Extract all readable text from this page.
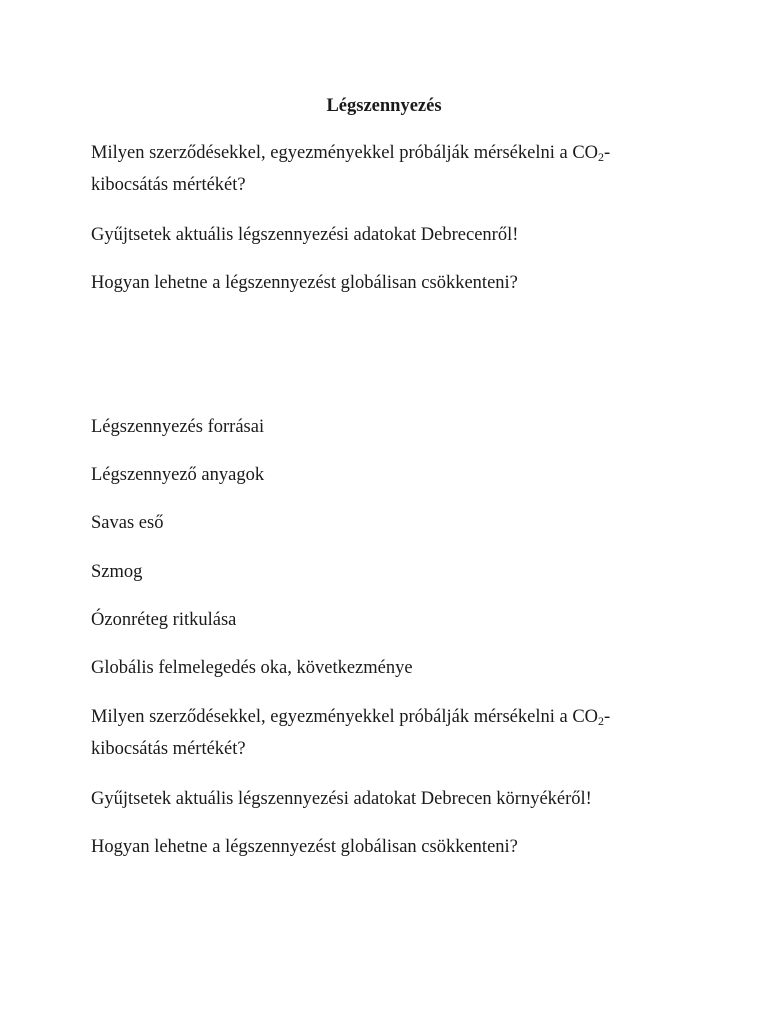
Légszennyezés

Milyen szerződésekkel, egyezményekkel próbálják mérsékelni a $CO_2-$
kibocsátás mértékét?

Gyűjtsetek aktuális légszennyezési adatokat Debrecenről!

Hogyan lehetne a légszennyezést globálisan csökkenteni?

Légszennyezés forrásai

Légszennyező anyagok

Savas eső

Szmog

Ózonréteg ritkulása

Globális felmelegedés oka, következménye

Milyen szerződésekkel, egyezményekkel próbálják mérsékelni a $CO_2-$
kibocsátás mértékét?

Gyűjtsetek aktuális légszennyezési adatokat Debrecen környékéről!

Hogyan lehetne a légszennyezést globálisan csökkenteni?
